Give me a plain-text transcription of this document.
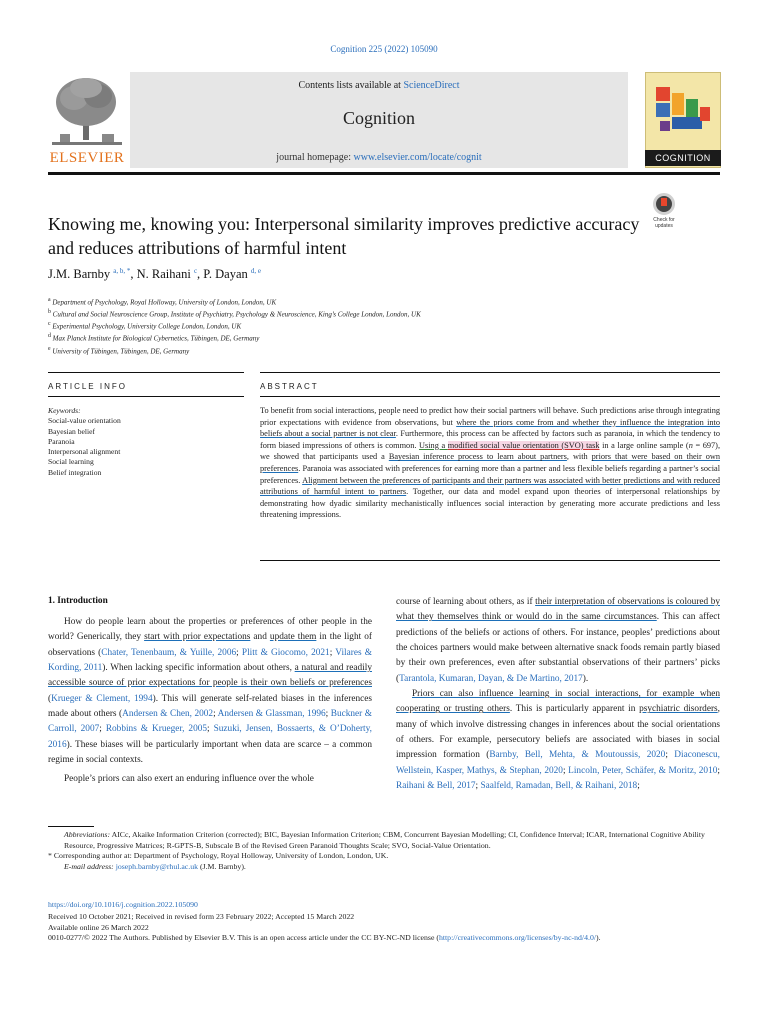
Cognition 225 (2022) 105090
Contents lists available at ScienceDirect
Cognition
journal homepage: www.elsevier.com/locate/cognit
ELSEVIER	COGNITION
Check for
updates
Knowing me, knowing you: Interpersonal similarity improves predictive accuracy and reduces attributions of harmful intent
J.M. Barnby $^{a, b, *}$, N. Raihani $^c$, P. Dayan $^{d, e}$
$^a$ Department of Psychology, Royal Holloway, University of London, London, UK
$^b$ Cultural and Social Neuroscience Group, Institute of Psychiatry, Psychology & Neuroscience, King’s College London, London, UK
$^c$ Experimental Psychology, University College London, London, UK
$^d$ Max Planck Institute for Biological Cybernetics, Tübingen, DE, Germany
$^e$ University of Tübingen, Tübingen, DE, Germany
ARTICLE INFO
Keywords:
Social-value orientation
Bayesian belief
Paranoia
Interpersonal alignment
Social learning
Belief integration
ABSTRACT
To benefit from social interactions, people need to predict how their social partners will behave. Such predictions arise through integrating prior expectations with evidence from observations, but where the priors come from and whether they influence the integration into beliefs about a social partner is not clear. Furthermore, this process can be affected by factors such as paranoia, in which the tendency to form biased impressions of others is common. Using a modified social value orientation (SVO) task in a large online sample (n = 697), we showed that participants used a Bayesian inference process to learn about partners, with priors that were based on their own preferences. Paranoia was associated with preferences for earning more than a partner and less flexible beliefs regarding a partner’s social preferences. Alignment between the preferences of participants and their partners was associated with better predictions and with reduced attributions of harmful intent to partners. Together, our data and model expand upon theories of interpersonal relationships by demonstrating how dyadic similarity mechanistically influences social interaction by generating more accurate predictions and less threatening impressions.
1. Introduction

How do people learn about the properties or preferences of other people in the world? Generically, they start with prior expectations and update them in the light of observations (Chater, Tenenbaum, & Yuille, 2006; Plitt & Giocomo, 2021; Vilares & Kording, 2011). When lacking specific information about others, a natural and readily accessible source of prior expectations for people is their own beliefs or preferences (Krueger & Clement, 1994). This will generate self-related biases in the inferences made about others (Andersen & Chen, 2002; Andersen & Glassman, 1996; Buckner & Carroll, 2007; Robbins & Krueger, 2005; Suzuki, Jensen, Bossaerts, & O’Doherty, 2016). These biases will be particularly important when data are scarce – a common regime in social contexts.

People’s priors can also exert an enduring influence over the whole

course of learning about others, as if their interpretation of observations is coloured by what they themselves think or would do in the same circumstances. This can affect predictions of the beliefs or actions of others. For instance, peoples’ predictions about the choices partners would make between alternative snack foods remain partly biased by their own preferences, even after substantial observations of their partners’ picks (Tarantola, Kumaran, Dayan, & De Martino, 2017).

Priors can also influence learning in social interactions, for example when cooperating or trusting others. This is particularly apparent in psychiatric disorders, many of which involve distressing changes in inferences about the social orientations of others. For example, persecutory beliefs are associated with biases in social impression formation (Barnby, Bell, Mehta, & Moutoussis, 2020; Diaconescu, Wellstein, Kasper, Mathys, & Stephan, 2020; Lincoln, Peter, Schäfer, & Moritz, 2010; Raihani & Bell, 2017; Saalfeld, Ramadan, Bell, & Raihani, 2018;

Abbreviations: AICc, Akaike Information Criterion (corrected); BIC, Bayesian Information Criterion; CBM, Concurrent Bayesian Modelling; CI, Confidence Interval; ICAR, International Cognitive Ability Resource, Progressive Matrices; R-GPTS-B, Subscale B of the Revised Green Paranoid Thoughts Scale; SVO, Social-Value Orientation.

* Corresponding author at: Department of Psychology, Royal Holloway, University of London, London, UK.

E-mail address: joseph.barnby@rhul.ac.uk (J.M. Barnby).

https://doi.org/10.1016/j.cognition.2022.105090

Received 10 October 2021; Received in revised form 23 February 2022; Accepted 15 March 2022

Available online 26 March 2022

0010-0277/© 2022 The Authors. Published by Elsevier B.V. This is an open access article under the CC BY-NC-ND license (http://creativecommons.org/licenses/by-nc-nd/4.0/).
